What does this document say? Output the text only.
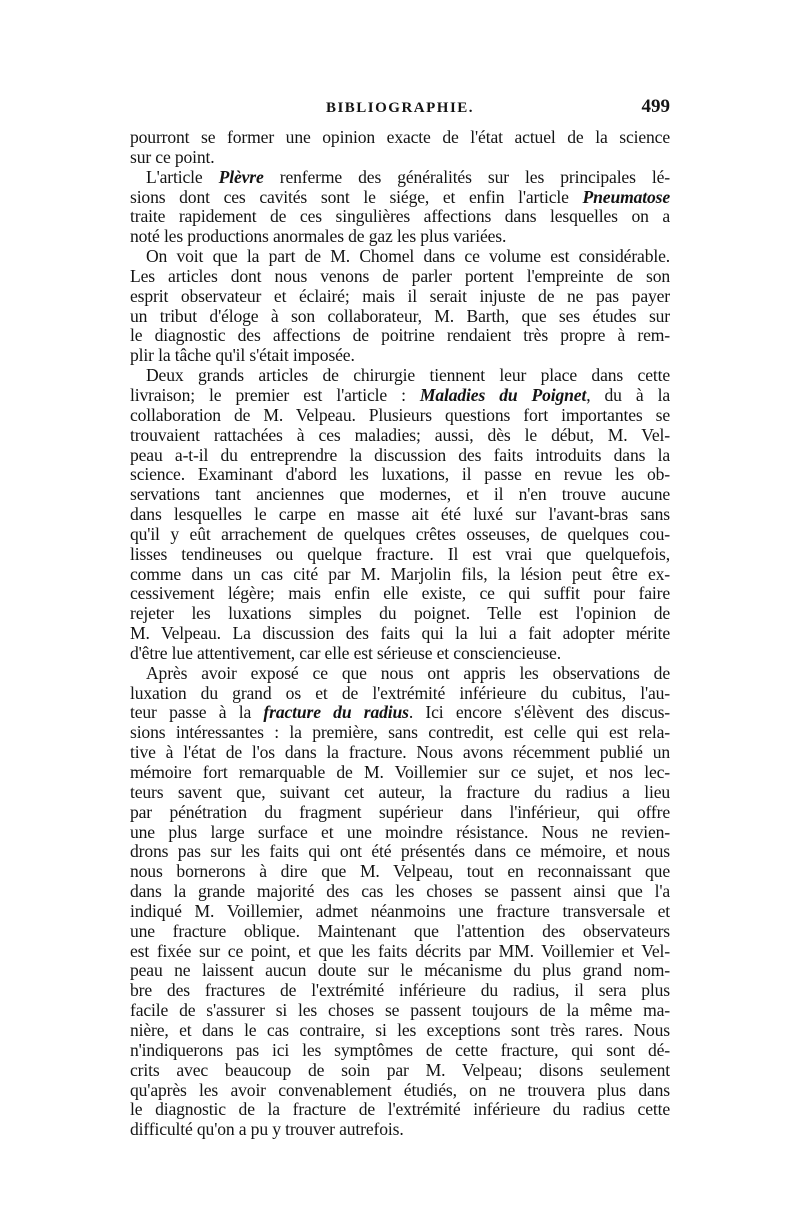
BIBLIOGRAPHIE.	499
pourront se former une opinion exacte de l'état actuel de la science
sur ce point.
L'article Plèvre renferme des généralités sur les principales lé-
sions dont ces cavités sont le siége, et enfin l'article Pneumatose
traite rapidement de ces singulières affections dans lesquelles on a
noté les productions anormales de gaz les plus variées.
On voit que la part de M. Chomel dans ce volume est considérable.
Les articles dont nous venons de parler portent l'empreinte de son
esprit observateur et éclairé; mais il serait injuste de ne pas payer
un tribut d'éloge à son collaborateur, M. Barth, que ses études sur
le diagnostic des affections de poitrine rendaient très propre à rem-
plir la tâche qu'il s'était imposée.
Deux grands articles de chirurgie tiennent leur place dans cette
livraison; le premier est l'article : Maladies du Poignet, du à la
collaboration de M. Velpeau. Plusieurs questions fort importantes se
trouvaient rattachées à ces maladies; aussi, dès le début, M. Vel-
peau a-t-il du entreprendre la discussion des faits introduits dans la
science. Examinant d'abord les luxations, il passe en revue les ob-
servations tant anciennes que modernes, et il n'en trouve aucune
dans lesquelles le carpe en masse ait été luxé sur l'avant-bras sans
qu'il y eût arrachement de quelques crêtes osseuses, de quelques cou-
lisses tendineuses ou quelque fracture. Il est vrai que quelquefois,
comme dans un cas cité par M. Marjolin fils, la lésion peut être ex-
cessivement légère; mais enfin elle existe, ce qui suffit pour faire
rejeter les luxations simples du poignet. Telle est l'opinion de
M. Velpeau. La discussion des faits qui la lui a fait adopter mérite
d'être lue attentivement, car elle est sérieuse et consciencieuse.
Après avoir exposé ce que nous ont appris les observations de
luxation du grand os et de l'extrémité inférieure du cubitus, l'au-
teur passe à la fracture du radius. Ici encore s'élèvent des discus-
sions intéressantes : la première, sans contredit, est celle qui est rela-
tive à l'état de l'os dans la fracture. Nous avons récemment publié un
mémoire fort remarquable de M. Voillemier sur ce sujet, et nos lec-
teurs savent que, suivant cet auteur, la fracture du radius a lieu
par pénétration du fragment supérieur dans l'inférieur, qui offre
une plus large surface et une moindre résistance. Nous ne revien-
drons pas sur les faits qui ont été présentés dans ce mémoire, et nous
nous bornerons à dire que M. Velpeau, tout en reconnaissant que
dans la grande majorité des cas les choses se passent ainsi que l'a
indiqué M. Voillemier, admet néanmoins une fracture transversale et
une fracture oblique. Maintenant que l'attention des observateurs
est fixée sur ce point, et que les faits décrits par MM. Voillemier et Vel-
peau ne laissent aucun doute sur le mécanisme du plus grand nom-
bre des fractures de l'extrémité inférieure du radius, il sera plus
facile de s'assurer si les choses se passent toujours de la même ma-
nière, et dans le cas contraire, si les exceptions sont très rares. Nous
n'indiquerons pas ici les symptômes de cette fracture, qui sont dé-
crits avec beaucoup de soin par M. Velpeau; disons seulement
qu'après les avoir convenablement étudiés, on ne trouvera plus dans
le diagnostic de la fracture de l'extrémité inférieure du radius cette
difficulté qu'on a pu y trouver autrefois.
